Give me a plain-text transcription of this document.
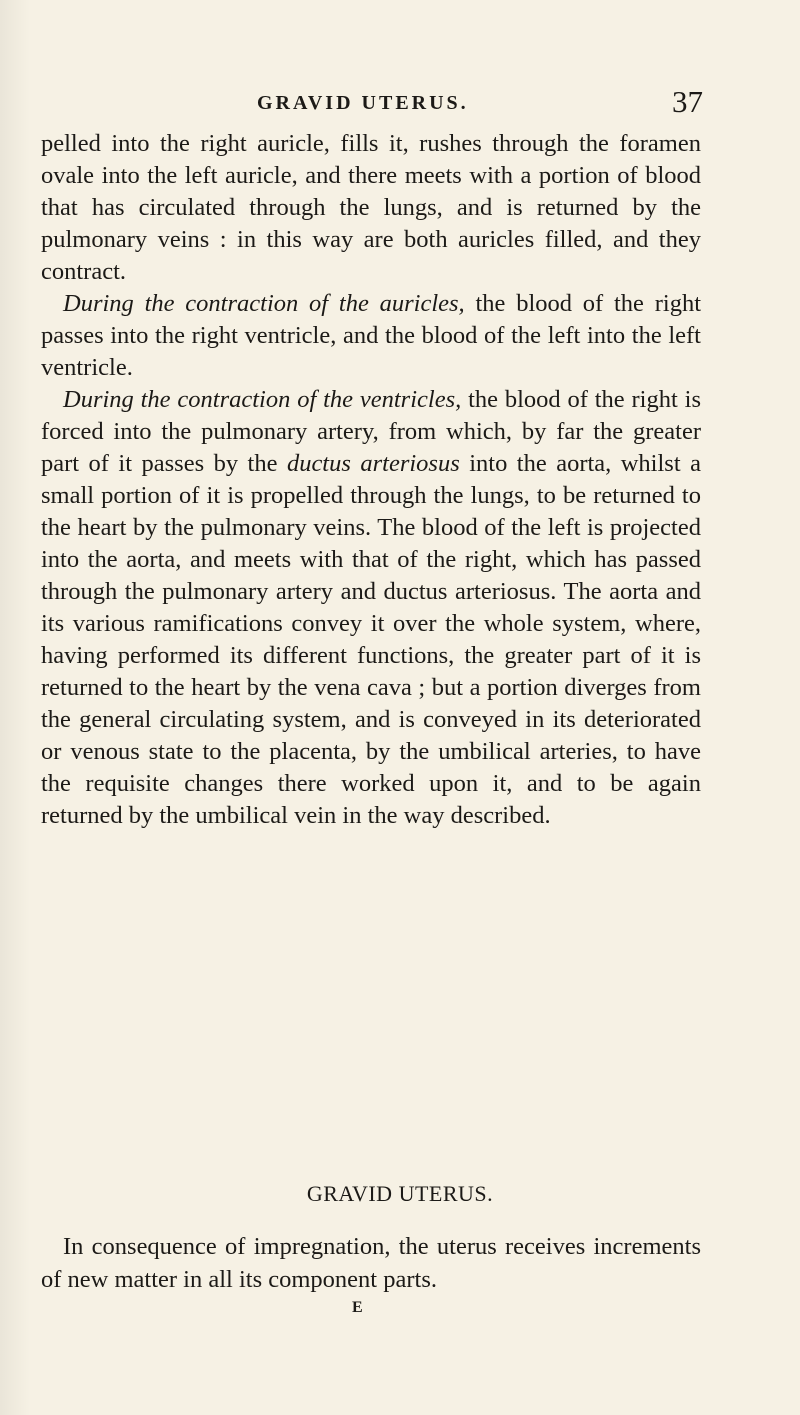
GRAVID UTERUS.	37

pelled into the right auricle, fills it, rushes through the foramen ovale into the left auricle, and there meets with a portion of blood that has circulated through the lungs, and is returned by the pulmonary veins : in this way are both auricles filled, and they contract.

During the contraction of the auricles, the blood of the right passes into the right ventricle, and the blood of the left into the left ventricle.

During the contraction of the ventricles, the blood of the right is forced into the pulmonary artery, from which, by far the greater part of it passes by the ductus arteriosus into the aorta, whilst a small portion of it is propelled through the lungs, to be returned to the heart by the pulmonary veins. The blood of the left is projected into the aorta, and meets with that of the right, which has passed through the pulmonary artery and ductus arteriosus. The aorta and its various ramifications convey it over the whole system, where, having performed its different functions, the greater part of it is returned to the heart by the vena cava ; but a portion diverges from the general circulating system, and is conveyed in its deteriorated or venous state to the placenta, by the umbilical arteries, to have the requisite changes there worked upon it, and to be again returned by the umbilical vein in the way described.

GRAVID UTERUS.

In consequence of impregnation, the uterus receives increments of new matter in all its component parts.

E
